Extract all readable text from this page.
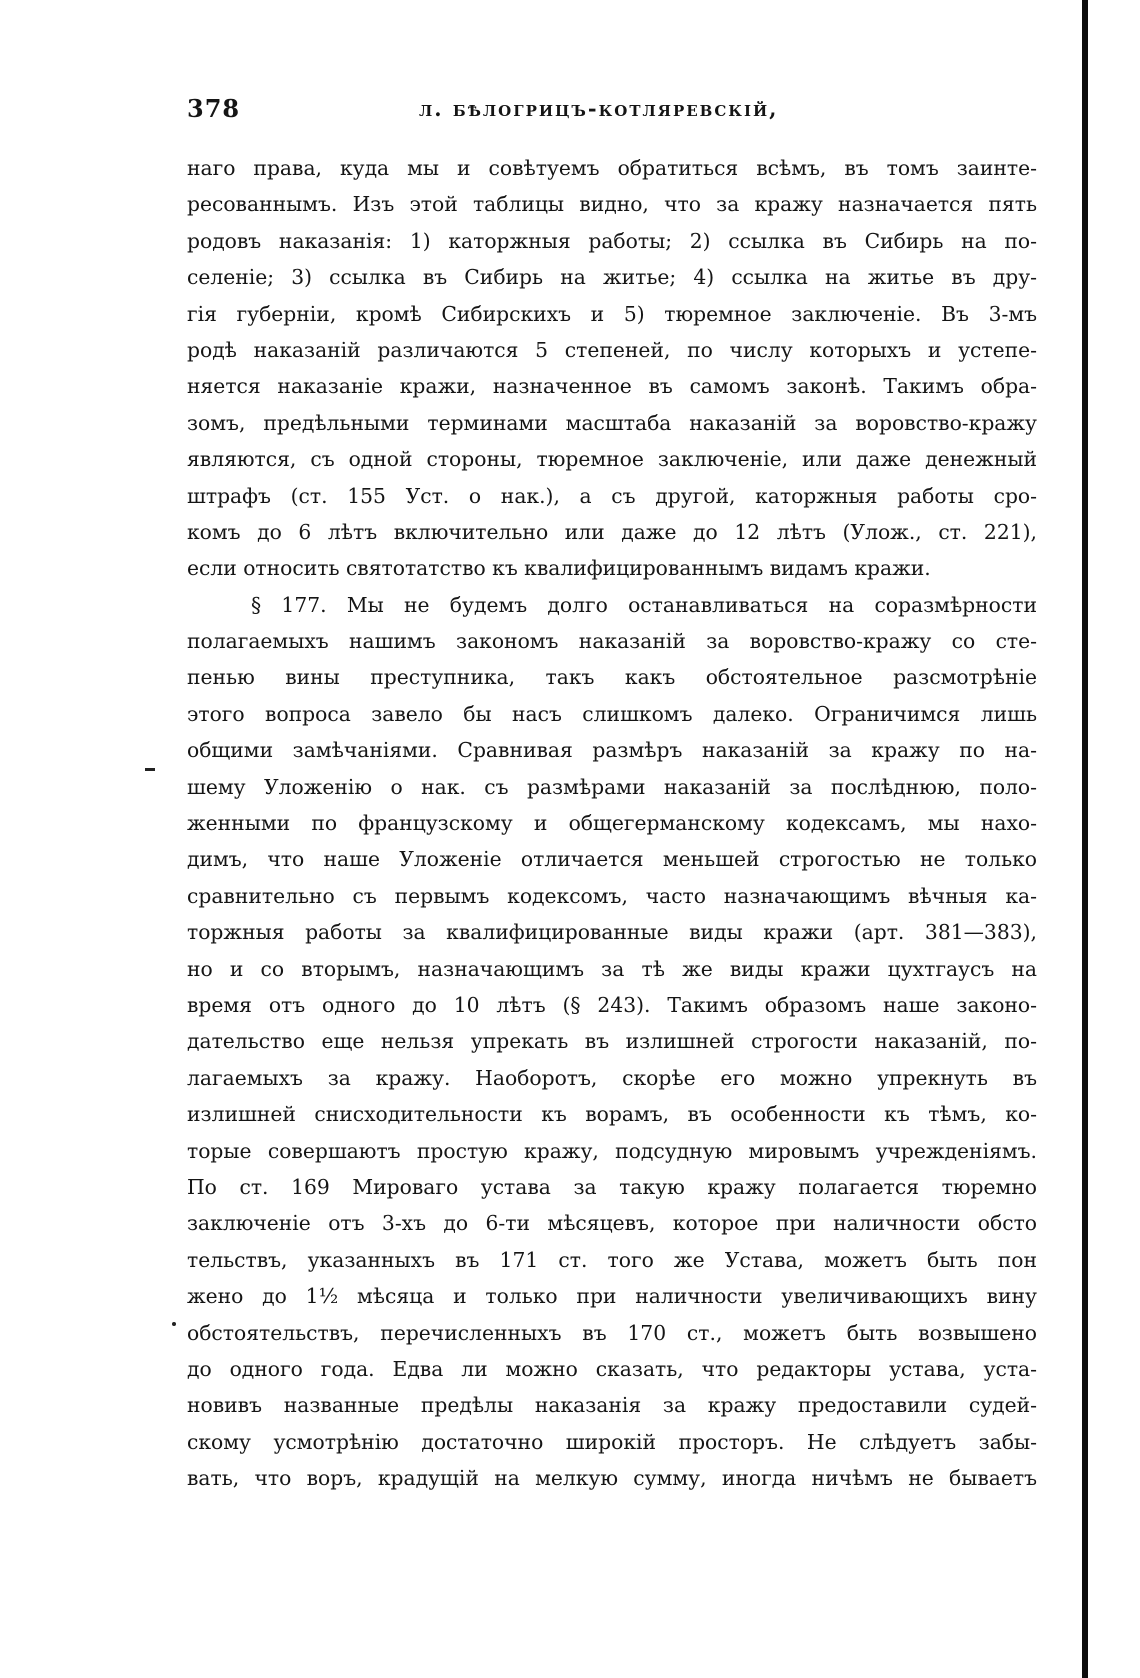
378	л. бѣлогрицъ-котляревскій,
наго права, куда мы и совѣтуемъ обратиться всѣмъ, въ томъ заинте-
ресованнымъ. Изъ этой таблицы видно, что за кражу назначается пять
родовъ наказанія: 1) каторжныя работы; 2) ссылка въ Сибирь на по-
селеніе; 3) ссылка въ Сибирь на житье; 4) ссылка на житье въ дру-
гія губерніи, кромѣ Сибирскихъ и 5) тюремное заключеніе. Въ 3-мъ
родѣ наказаній различаются 5 степеней, по числу которыхъ и устепе-
няется наказаніе кражи, назначенное въ самомъ законѣ. Такимъ обра-
зомъ, предѣльными терминами масштаба наказаній за воровство-кражу
являются, съ одной стороны, тюремное заключеніе, или даже денежный
штрафъ (ст. 155 Уст. о нак.), а съ другой, каторжныя работы сро-
комъ до 6 лѣтъ включительно или даже до 12 лѣтъ (Улож., ст. 221),
если относить святотатство къ квалифицированнымъ видамъ кражи.
§ 177. Мы не будемъ долго останавливаться на соразмѣрности
полагаемыхъ нашимъ закономъ наказаній за воровство-кражу со сте-
пенью вины преступника, такъ какъ обстоятельное разсмотрѣніе
этого вопроса завело бы насъ слишкомъ далеко. Ограничимся лишь
общими замѣчаніями. Сравнивая размѣръ наказаній за кражу по на-
шему Уложенію о нак. съ размѣрами наказаній за послѣднюю, поло-
женными по французскому и общегерманскому кодексамъ, мы нахо-
димъ, что наше Уложеніе отличается меньшей строгостью не только
сравнительно съ первымъ кодексомъ, часто назначающимъ вѣчныя ка-
торжныя работы за квалифицированные виды кражи (арт. 381—383),
но и со вторымъ, назначающимъ за тѣ же виды кражи цухтгаусъ на
время отъ одного до 10 лѣтъ (§ 243). Такимъ образомъ наше законо-
дательство еще нельзя упрекать въ излишней строгости наказаній, по-
лагаемыхъ за кражу. Наоборотъ, скорѣе его можно упрекнуть въ
излишней снисходительности къ ворамъ, въ особенности къ тѣмъ, ко-
торые совершаютъ простую кражу, подсудную мировымъ учрежденіямъ.
По ст. 169 Мироваго устава за такую кражу полагается тюремно
заключеніе отъ 3-хъ до 6-ти мѣсяцевъ, которое при наличности обсто
тельствъ, указанныхъ въ 171 ст. того же Устава, можетъ быть пон
жено до 1½ мѣсяца и только при наличности увеличивающихъ вину
обстоятельствъ, перечисленныхъ въ 170 ст., можетъ быть возвышено
до одного года. Едва ли можно сказать, что редакторы устава, уста-
новивъ названные предѣлы наказанія за кражу предоставили судей-
скому усмотрѣнію достаточно широкій просторъ. Не слѣдуетъ забы-
вать, что воръ, крадущій на мелкую сумму, иногда ничѣмъ не бываетъ
